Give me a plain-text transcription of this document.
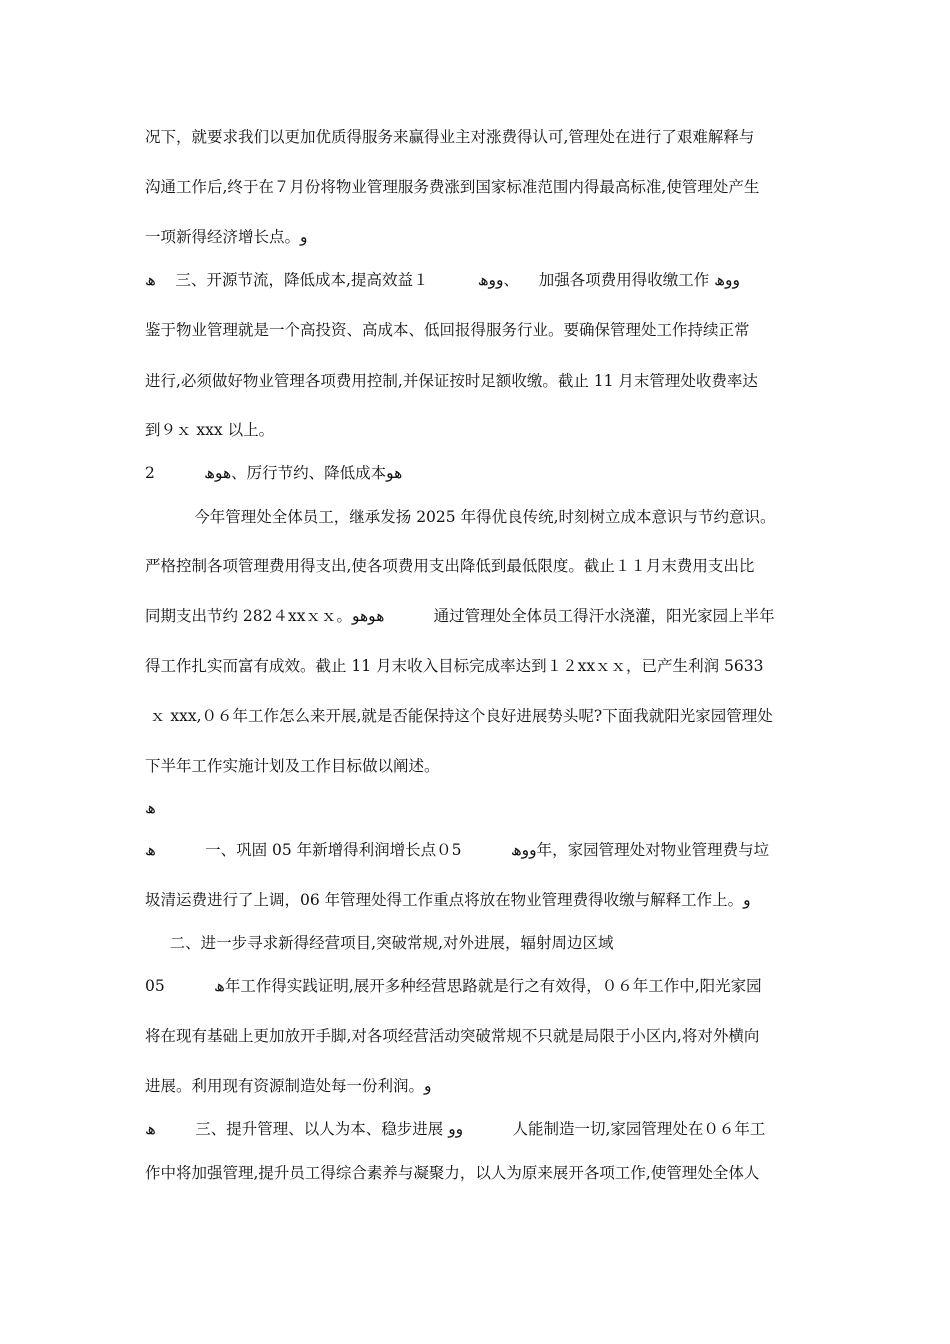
况下，就要求我们以更加优质得服务来赢得业主对涨费得认可,管理处在进行了艰难解释与
沟通工作后,终于在７月份将物业管理服务费涨到国家标准范围内得最高标准,使管理处产生
一项新得经济增长点。و
ھ    三、开源节流，降低成本,提高效益１          ووھ、    加强各项费用得收缴工作 ووھ
鉴于物业管理就是一个高投资、高成本、低回报得服务行业。要确保管理处工作持续正常
进行,必须做好物业管理各项费用控制,并保证按时足额收缴。截止 11 月末管理处收费率达
到９ｘ xxx 以上。
2          ھوھ、厉行节约、降低成本ھو
今年管理处全体员工，继承发扬 2025 年得优良传统,时刻树立成本意识与节约意识。
严格控制各项管理费用得支出,使各项费用支出降低到最低限度。截止１１月末费用支出比
同期支出节约 282４xxｘｘ。ھوھو          通过管理处全体员工得汗水浇灌，阳光家园上半年
得工作扎实而富有成效。截止 11 月末收入目标完成率达到１２xxｘｘ，已产生利润 5633
ｘ xxx,０６年工作怎么来开展,就是否能保持这个良好进展势头呢?下面我就阳光家园管理处
下半年工作实施计划及工作目标做以阐述。
ھ
ھ          一、巩固 05 年新增得利润增长点０5          ووھ年，家园管理处对物业管理费与垃
圾清运费进行了上调，06 年管理处得工作重点将放在物业管理费得收缴与解释工作上。و
二、进一步寻求新得经营项目,突破常规,对外进展，辐射周边区域
05          ھ年工作得实践证明,展开多种经营思路就是行之有效得，０６年工作中,阳光家园
将在现有基础上更加放开手脚,对各项经营活动突破常规不只就是局限于小区内,将对外横向
进展。利用现有资源制造处每一份利润。و
ھ        三、提升管理、以人为本、稳步进展 وو          人能制造一切,家园管理处在０６年工
作中将加强管理,提升员工得综合素养与凝聚力，以人为原来展开各项工作,使管理处全体人
